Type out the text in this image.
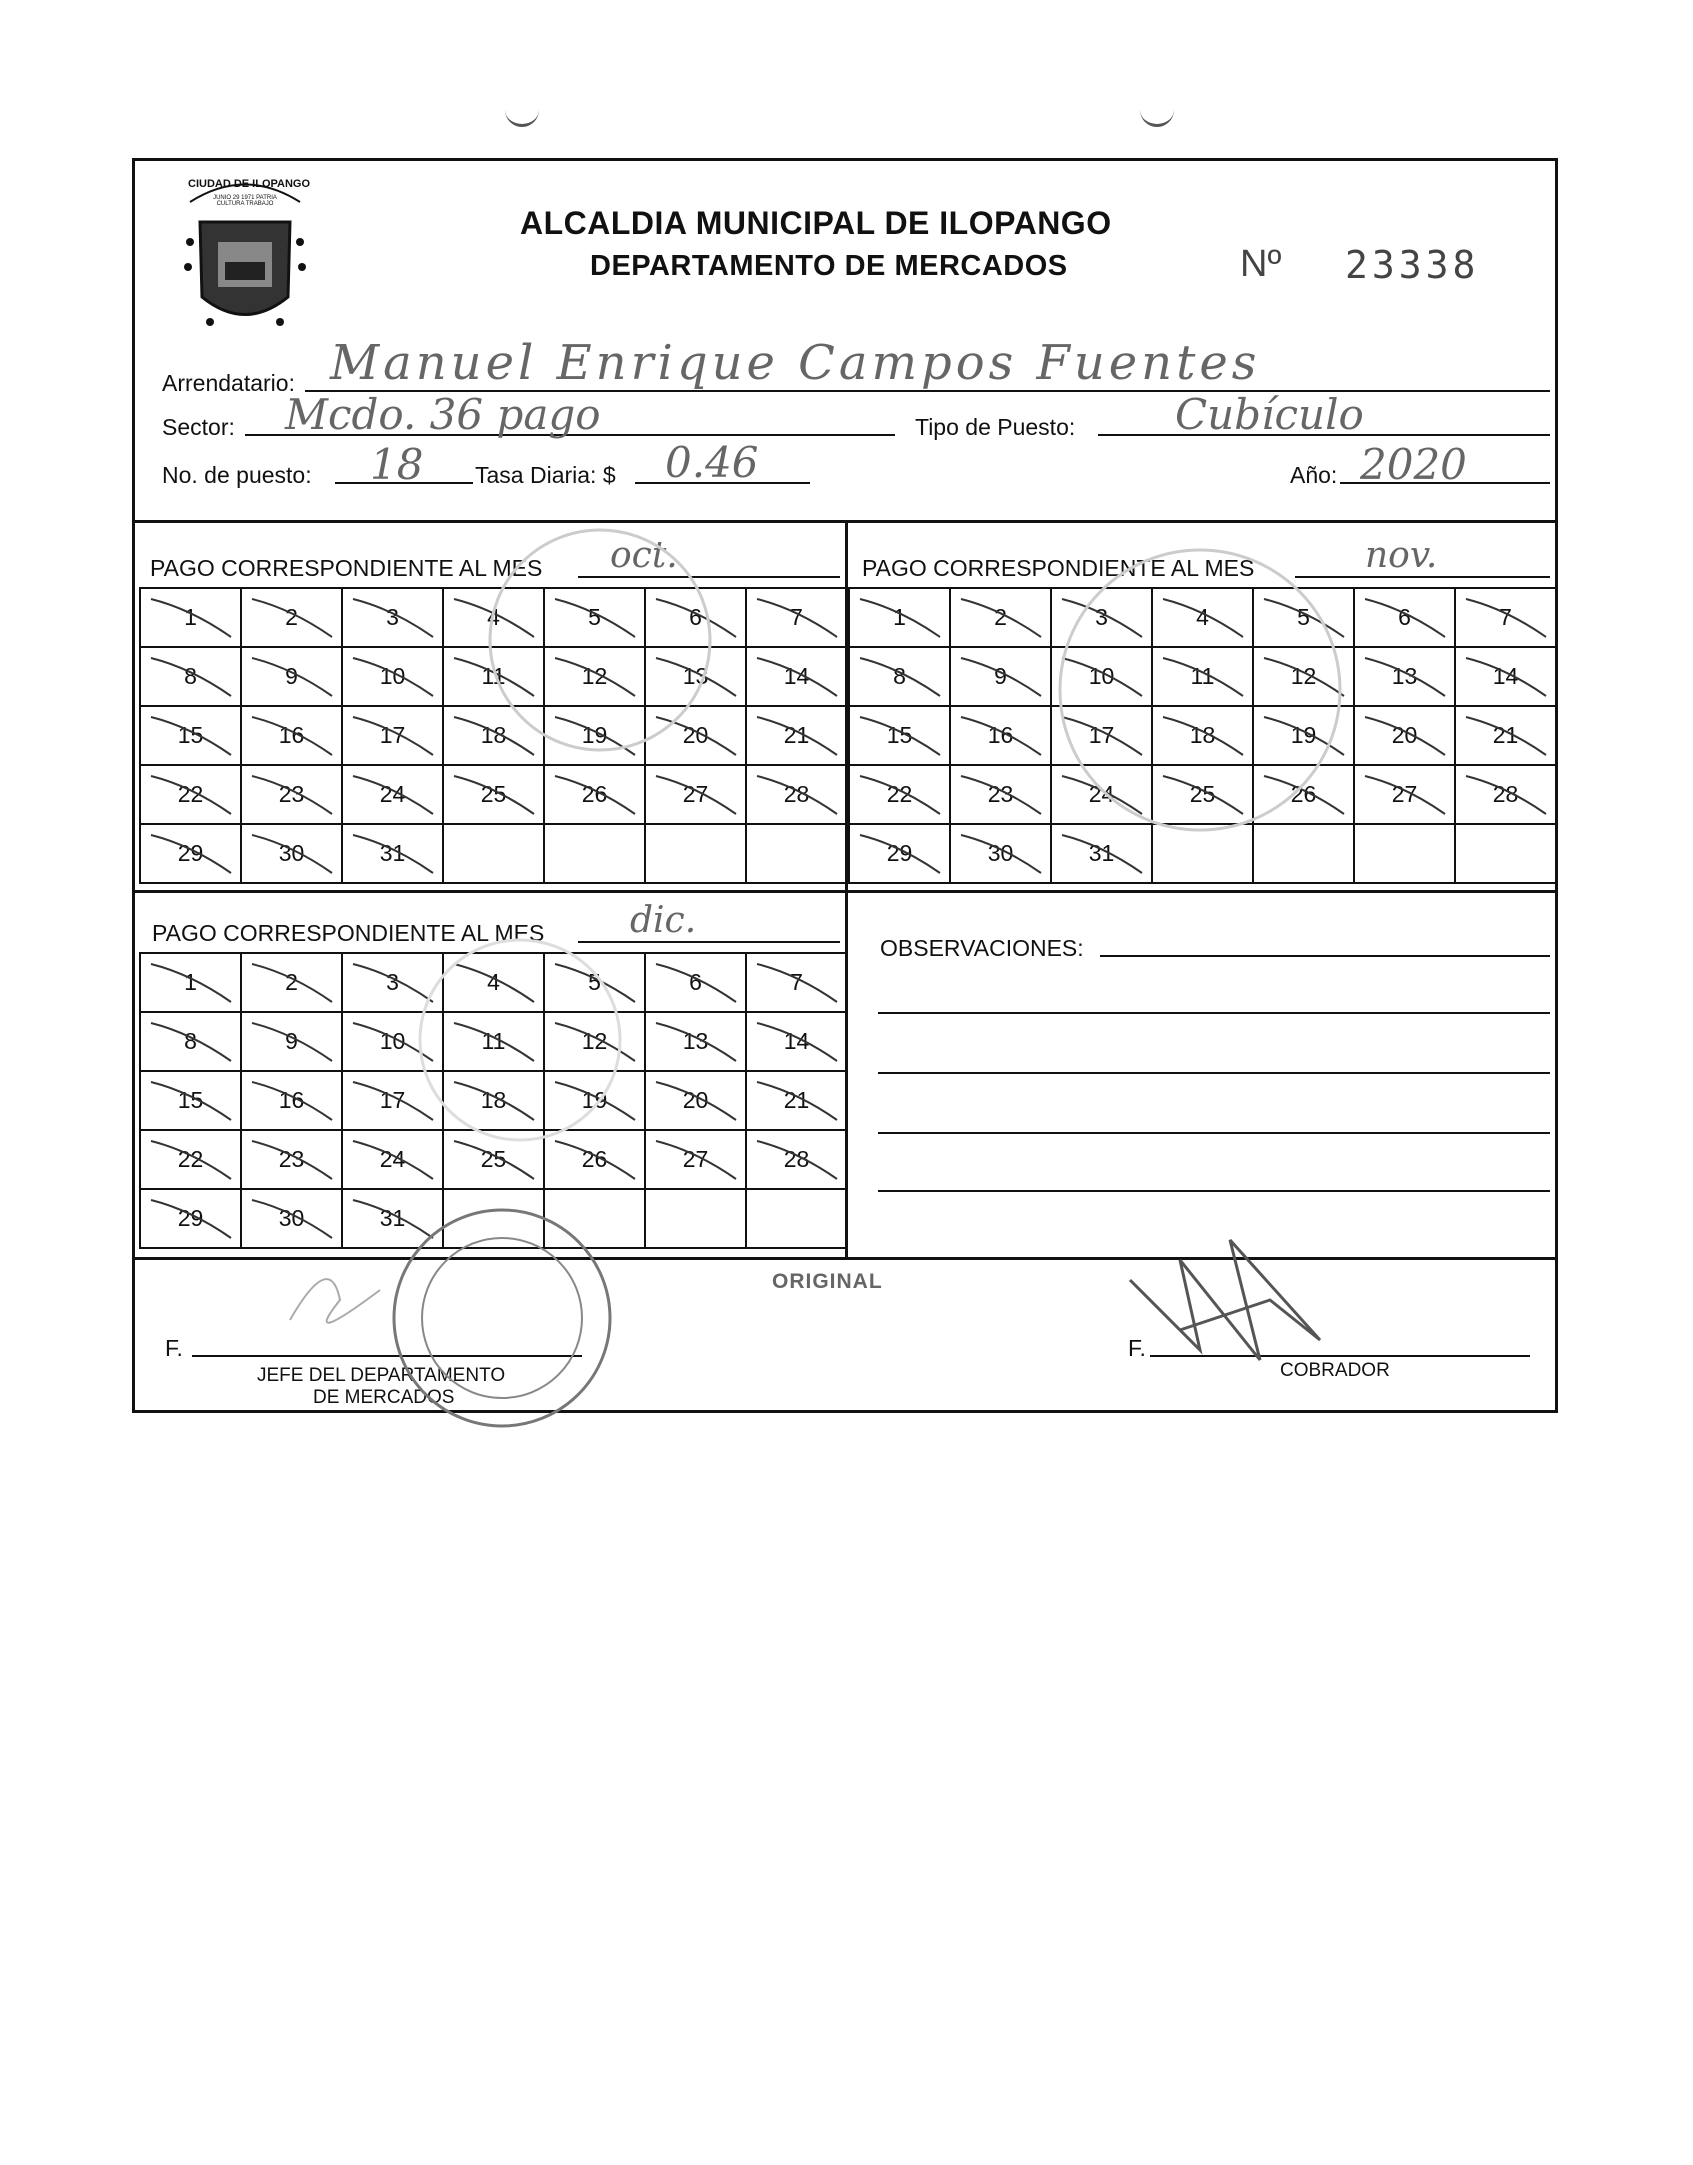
CIUDAD DE ILOPANGO
JUNIO 29 1971 PATRIA CULTURA TRABAJO
ALCALDIA MUNICIPAL DE ILOPANGO
DEPARTAMENTO DE MERCADOS	Nº 23338
Arrendatario: Manuel Enrique Campos Fuentes
Sector: Mcdo. 36 pago	Tipo de Puesto: Cubículo
No. de puesto: 18 Tasa Diaria: $ 0.46	Año: 2020
PAGO CORRESPONDIENTE AL MES oct.
1	2	3	4	5	6	7

8	9	10	11	12	13	14

15	16	17	18	19	20	21

22	23	24	25	26	27	28

29	30	31

PAGO CORRESPONDIENTE AL MES	nov.
1	2	3	4	5	6	7

8	9	10	11	12	13	14

15	16	17	18	19	20	21

22	23	24	25	26	27	28

29	30	31

PAGO CORRESPONDIENTE AL MES dic.
1	2	3	4	5	6	7

8	9	10	11	12	13	14

15	16	17	18	19	20	21

22	23	24	25	26	27	28

29	30	31

OBSERVACIONES:
ORIGINAL
F.
JEFE DEL DEPARTAMENTO
DE MERCADOS
F.
COBRADOR
